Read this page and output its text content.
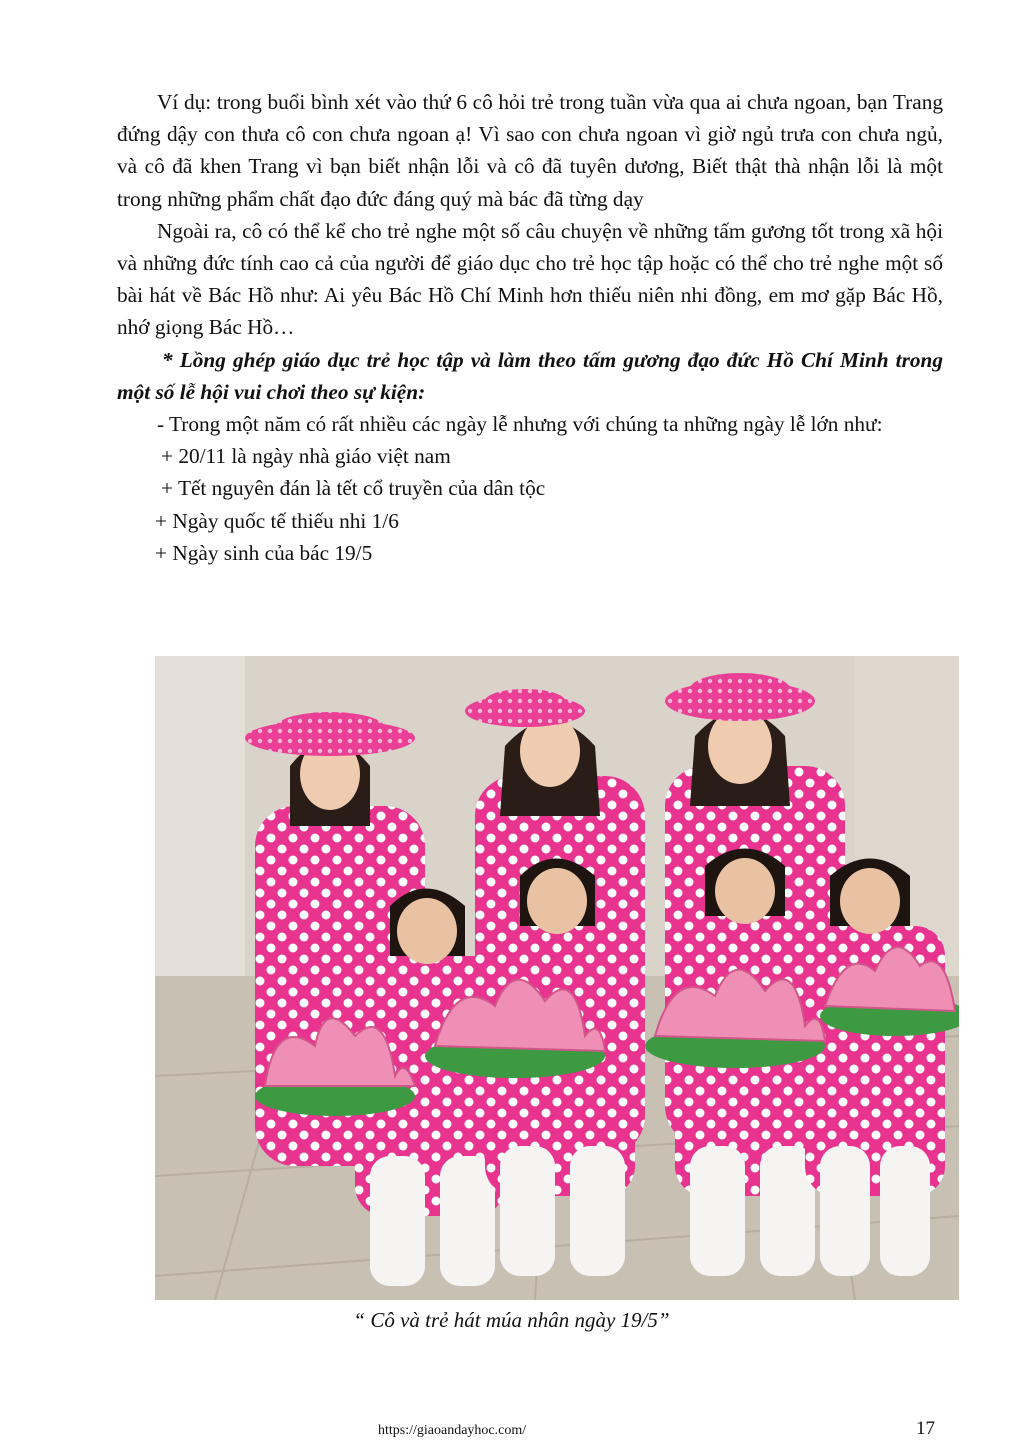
Ví dụ: trong buổi bình xét vào thứ 6 cô hỏi trẻ trong tuần vừa qua ai chưa ngoan, bạn Trang đứng dậy con thưa cô con chưa ngoan ạ! Vì sao con chưa ngoan vì giờ ngủ trưa con chưa ngủ, và cô đã khen Trang vì bạn biết nhận lỗi và cô đã tuyên dương, Biết thật thà nhận lỗi là một trong những phẩm chất đạo đức đáng quý mà bác đã từng dạy

Ngoài ra, cô có thể kể cho trẻ nghe một số câu chuyện về những tấm gương tốt trong xã hội và những đức tính cao cả của người để giáo dục cho trẻ học tập hoặc có thể cho trẻ nghe một số bài hát về Bác Hồ như: Ai yêu Bác Hồ Chí Minh hơn thiếu niên nhi đồng, em mơ gặp Bác Hồ, nhớ giọng Bác Hồ…

* Lồng ghép giáo dục trẻ học tập và làm theo tấm gương đạo đức Hồ Chí Minh trong một số lễ hội vui chơi theo sự kiện:

- Trong một năm có rất nhiều các ngày lễ nhưng với chúng ta những ngày lễ lớn như:

+ 20/11 là ngày nhà giáo việt nam

+ Tết nguyên đán là tết cổ truyền của dân tộc

+ Ngày quốc tế thiếu nhi 1/6

+ Ngày sinh của bác 19/5

“ Cô và trẻ hát múa nhân ngày 19/5”
17
https://giaoandayhoc.com/
